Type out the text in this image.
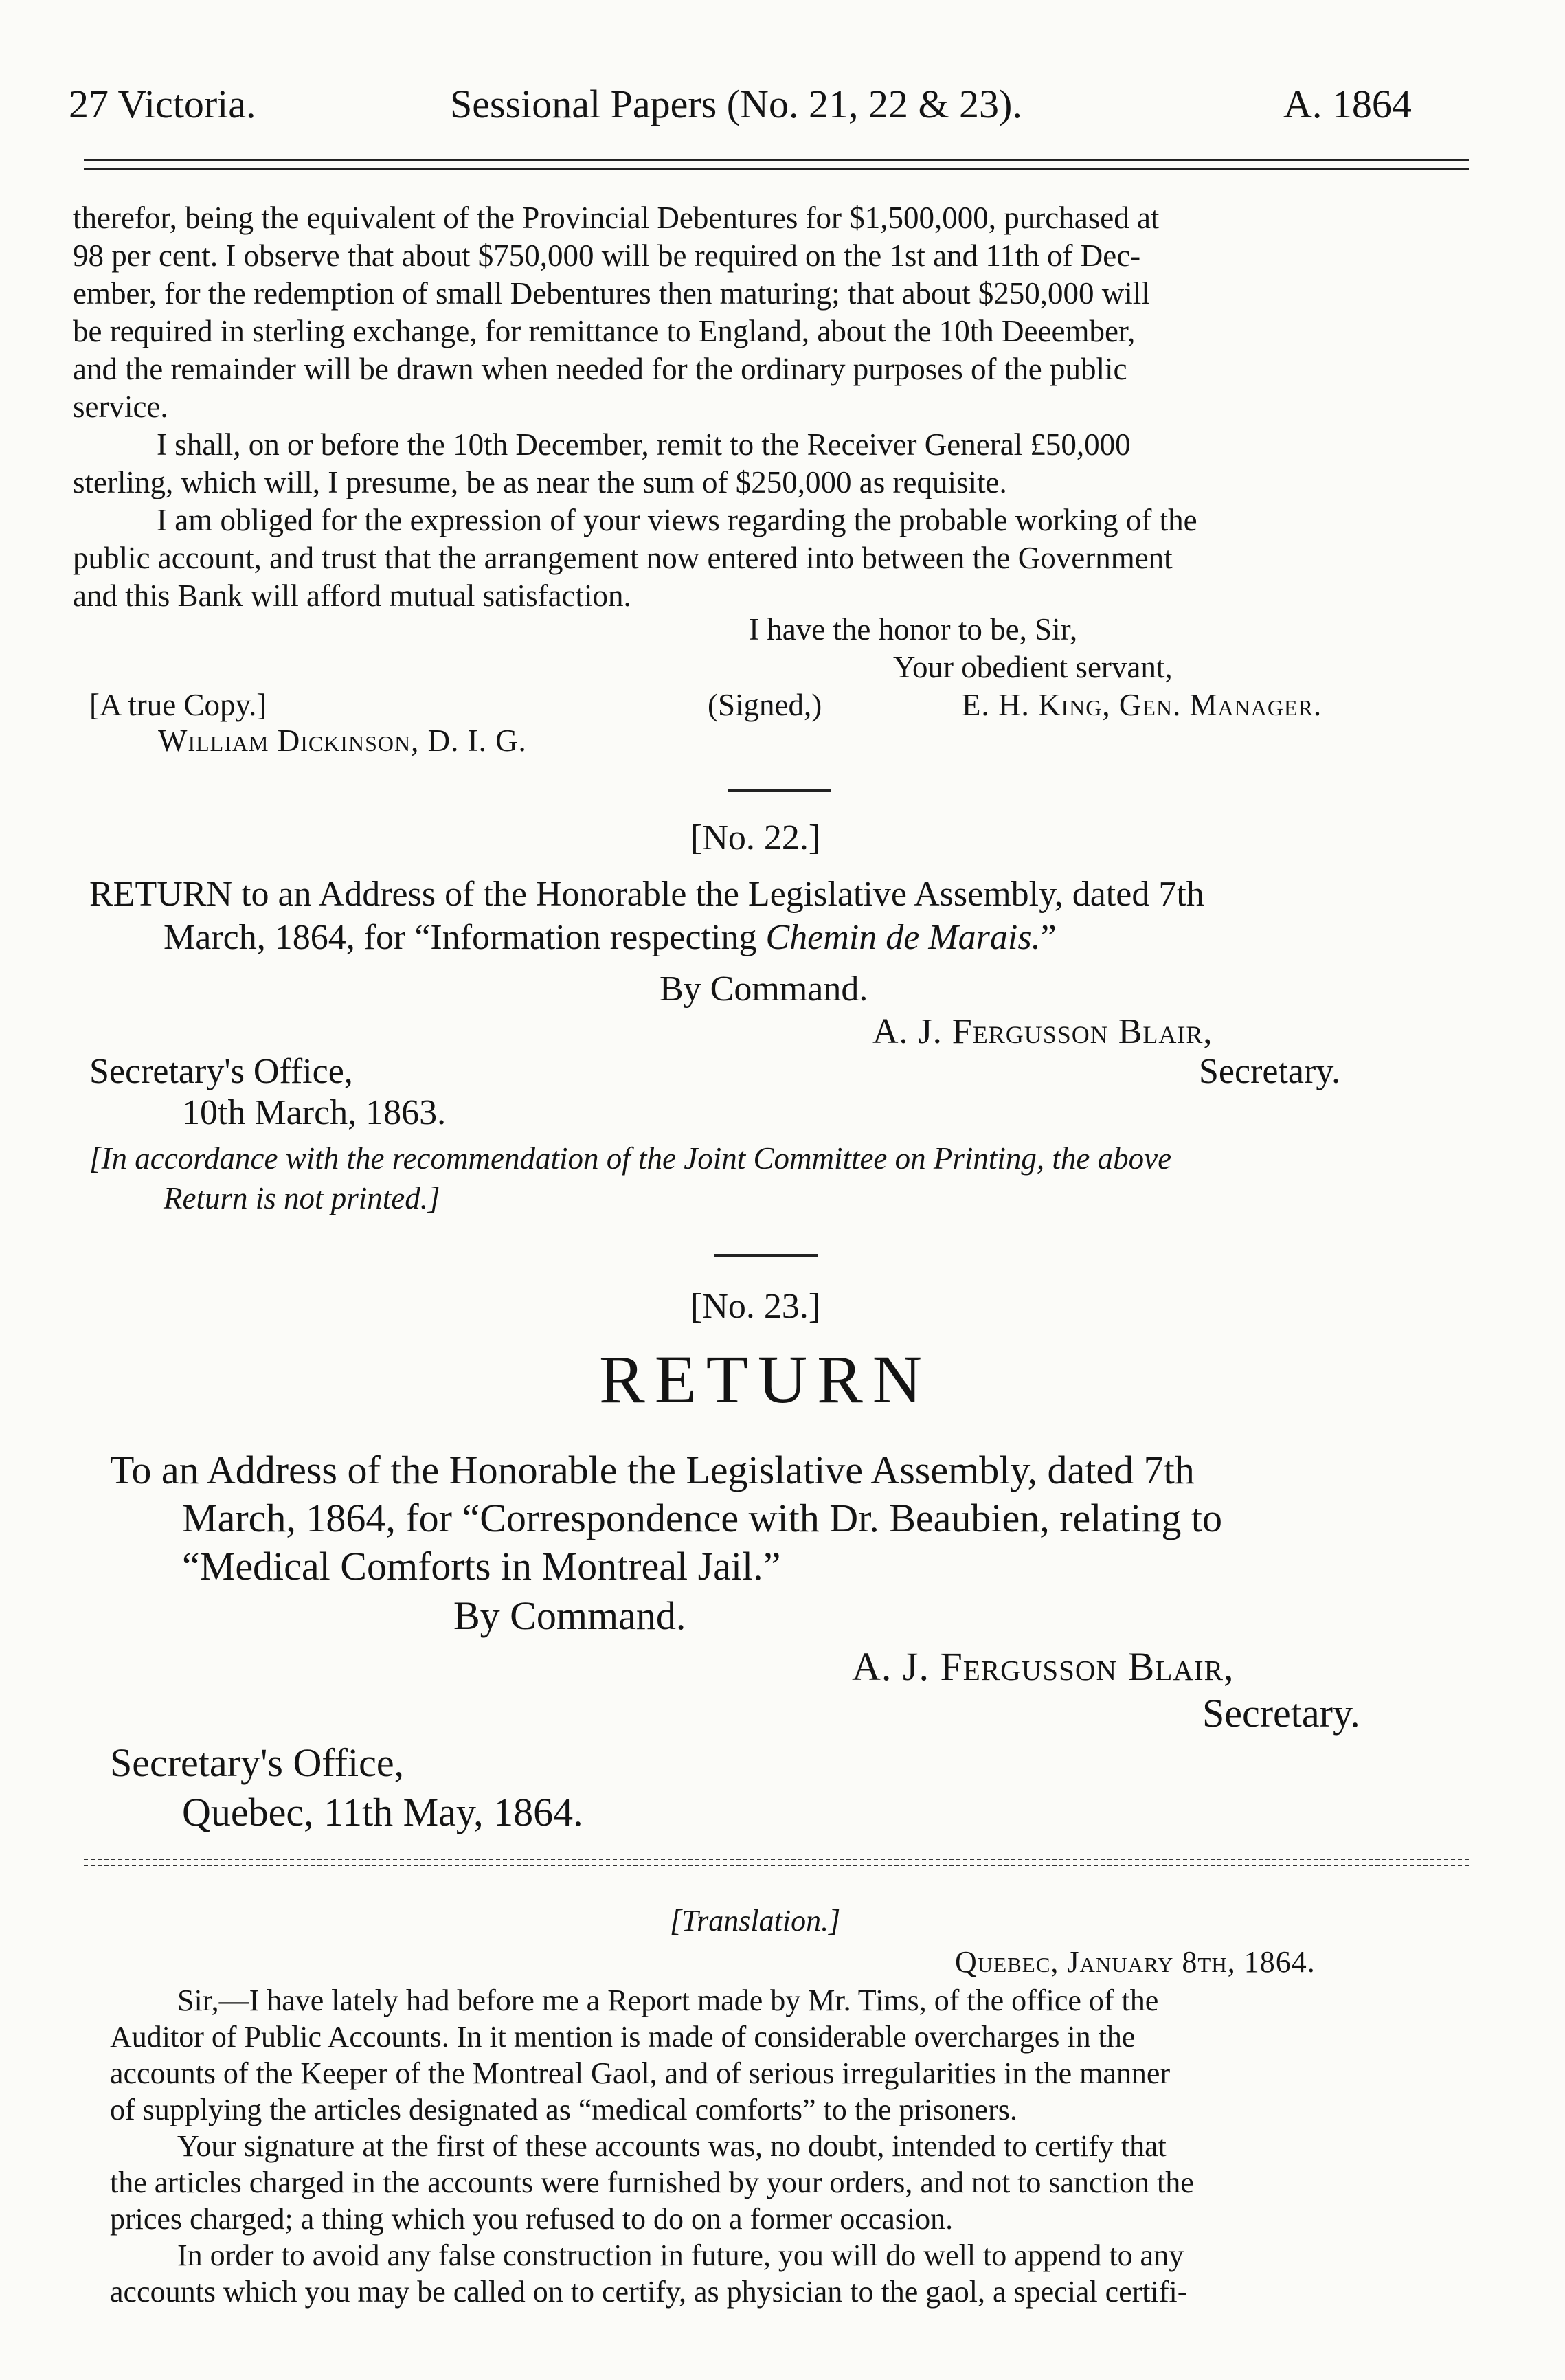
27 Victoria.	Sessional Papers (No. 21, 22 & 23).	A. 1864
therefor, being the equivalent of the Provincial Debentures for $1,500,000, purchased at
98 per cent. I observe that about $750,000 will be required on the 1st and 11th of Dec-
ember, for the redemption of small Debentures then maturing; that about $250,000 will
be required in sterling exchange, for remittance to England, about the 10th Deeember,
and the remainder will be drawn when needed for the ordinary purposes of the public
service.
I shall, on or before the 10th December, remit to the Receiver General £50,000
sterling, which will, I presume, be as near the sum of $250,000 as requisite.
I am obliged for the expression of your views regarding the probable working of the
public account, and trust that the arrangement now entered into between the Government
and this Bank will afford mutual satisfaction.
I have the honor to be, Sir,
Your obedient servant,
[A true Copy.]	(Signed,)	E. H. King, Gen. Manager.
William Dickinson, D. I. G.
[No. 22.]
RETURN to an Address of the Honorable the Legislative Assembly, dated 7th
March, 1864, for “Information respecting Chemin de Marais.”
By Command.
A. J. Fergusson Blair,
Secretary's Office,	Secretary.
10th March, 1863.
[In accordance with the recommendation of the Joint Committee on Printing, the above
Return is not printed.]
[No. 23.]
RETURN
To an Address of the Honorable the Legislative Assembly, dated 7th
March, 1864, for “Correspondence with Dr. Beaubien, relating to
“Medical Comforts in Montreal Jail.”
By Command.
A. J. Fergusson Blair,
Secretary.
Secretary's Office,
Quebec, 11th May, 1864.
[Translation.]
Quebec, January 8th, 1864.
Sir,—I have lately had before me a Report made by Mr. Tims, of the office of the
Auditor of Public Accounts. In it mention is made of considerable overcharges in the
accounts of the Keeper of the Montreal Gaol, and of serious irregularities in the manner
of supplying the articles designated as “medical comforts” to the prisoners.
Your signature at the first of these accounts was, no doubt, intended to certify that
the articles charged in the accounts were furnished by your orders, and not to sanction the
prices charged; a thing which you refused to do on a former occasion.
In order to avoid any false construction in future, you will do well to append to any
accounts which you may be called on to certify, as physician to the gaol, a special certifi-
